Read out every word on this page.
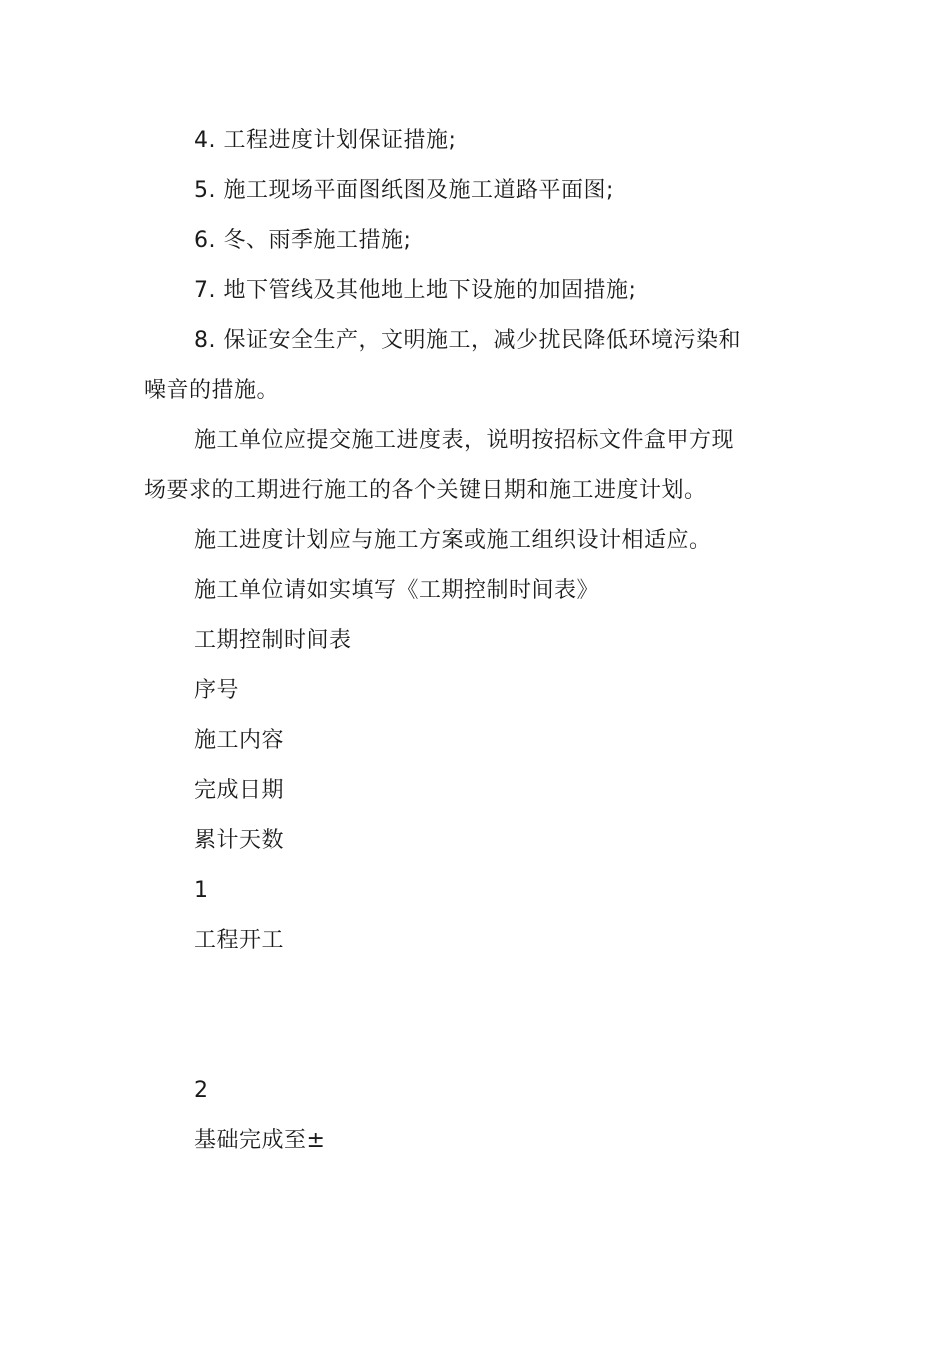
4. 工程进度计划保证措施;
5. 施工现场平面图纸图及施工道路平面图;
6. 冬、雨季施工措施;
7. 地下管线及其他地上地下设施的加固措施;
8. 保证安全生产，文明施工，减少扰民降低环境污染和
噪音的措施。
施工单位应提交施工进度表，说明按招标文件盒甲方现
场要求的工期进行施工的各个关键日期和施工进度计划。
施工进度计划应与施工方案或施工组织设计相适应。
施工单位请如实填写《工期控制时间表》
工期控制时间表
序号
施工内容
完成日期
累计天数
1
工程开工
2
基础完成至±
